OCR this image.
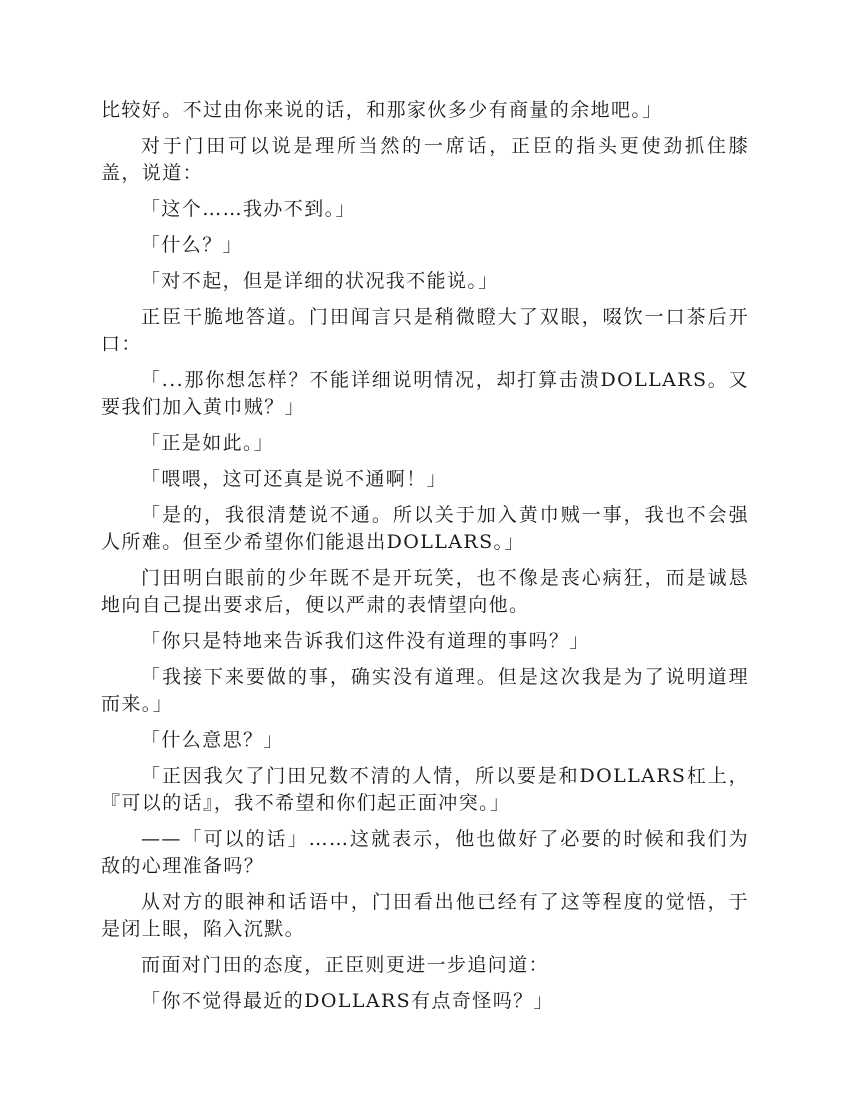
比较好。不过由你来说的话，和那家伙多少有商量的余地吧。」

对于门田可以说是理所当然的一席话，正臣的指头更使劲抓住膝盖，说道：

「这个……我办不到。」

「什么？」

「对不起，但是详细的状况我不能说。」

正臣干脆地答道。门田闻言只是稍微瞪大了双眼，啜饮一口茶后开口：

「...那你想怎样？不能详细说明情况，却打算击溃DOLLARS。又要我们加入黄巾贼？」

「正是如此。」

「喂喂，这可还真是说不通啊！」

「是的，我很清楚说不通。所以关于加入黄巾贼一事，我也不会强人所难。但至少希望你们能退出DOLLARS。」

门田明白眼前的少年既不是开玩笑，也不像是丧心病狂，而是诚恳地向自己提出要求后，便以严肃的表情望向他。

「你只是特地来告诉我们这件没有道理的事吗？」

「我接下来要做的事，确实没有道理。但是这次我是为了说明道理而来。」

「什么意思？」

「正因我欠了门田兄数不清的人情，所以要是和DOLLARS杠上，『可以的话』，我不希望和你们起正面冲突。」

——「可以的话」……这就表示，他也做好了必要的时候和我们为敌的心理准备吗？

从对方的眼神和话语中，门田看出他已经有了这等程度的觉悟，于是闭上眼，陷入沉默。

而面对门田的态度，正臣则更进一步追问道：

「你不觉得最近的DOLLARS有点奇怪吗？」
